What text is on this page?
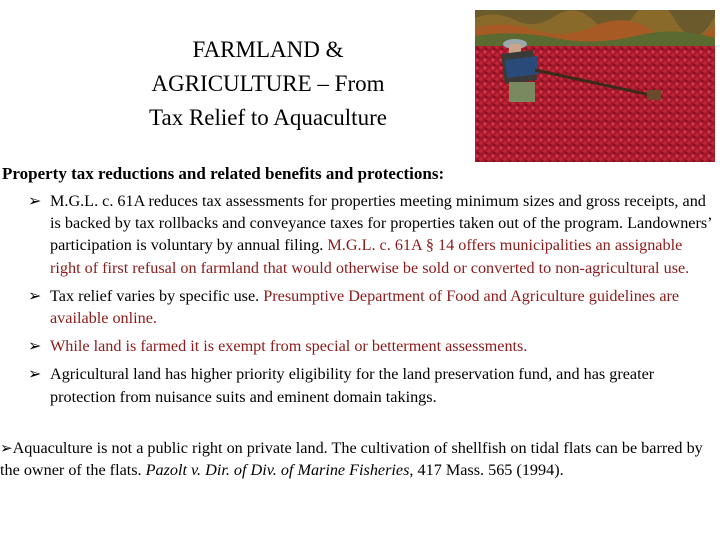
FARMLAND &
AGRICULTURE – From
Tax Relief to Aquaculture
Property tax reductions and related benefits and protections:
➢ M.G.L. c. 61A reduces tax assessments for properties meeting minimum sizes and gross receipts, and is backed by tax rollbacks and conveyance taxes for properties taken out of the program. Landowners’ participation is voluntary by annual filing. M.G.L. c. 61A § 14 offers municipalities an assignable right of first refusal on farmland that would otherwise be sold or converted to non-agricultural use.
➢ Tax relief varies by specific use. Presumptive Department of Food and Agriculture guidelines are available online.
➢ While land is farmed it is exempt from special or betterment assessments.
➢ Agricultural land has higher priority eligibility for the land preservation fund, and has greater protection from nuisance suits and eminent domain takings.
➢Aquaculture is not a public right on private land. The cultivation of shellfish on tidal flats can be barred by the owner of the flats. Pazolt v. Dir. of Div. of Marine Fisheries, 417 Mass. 565 (1994).
